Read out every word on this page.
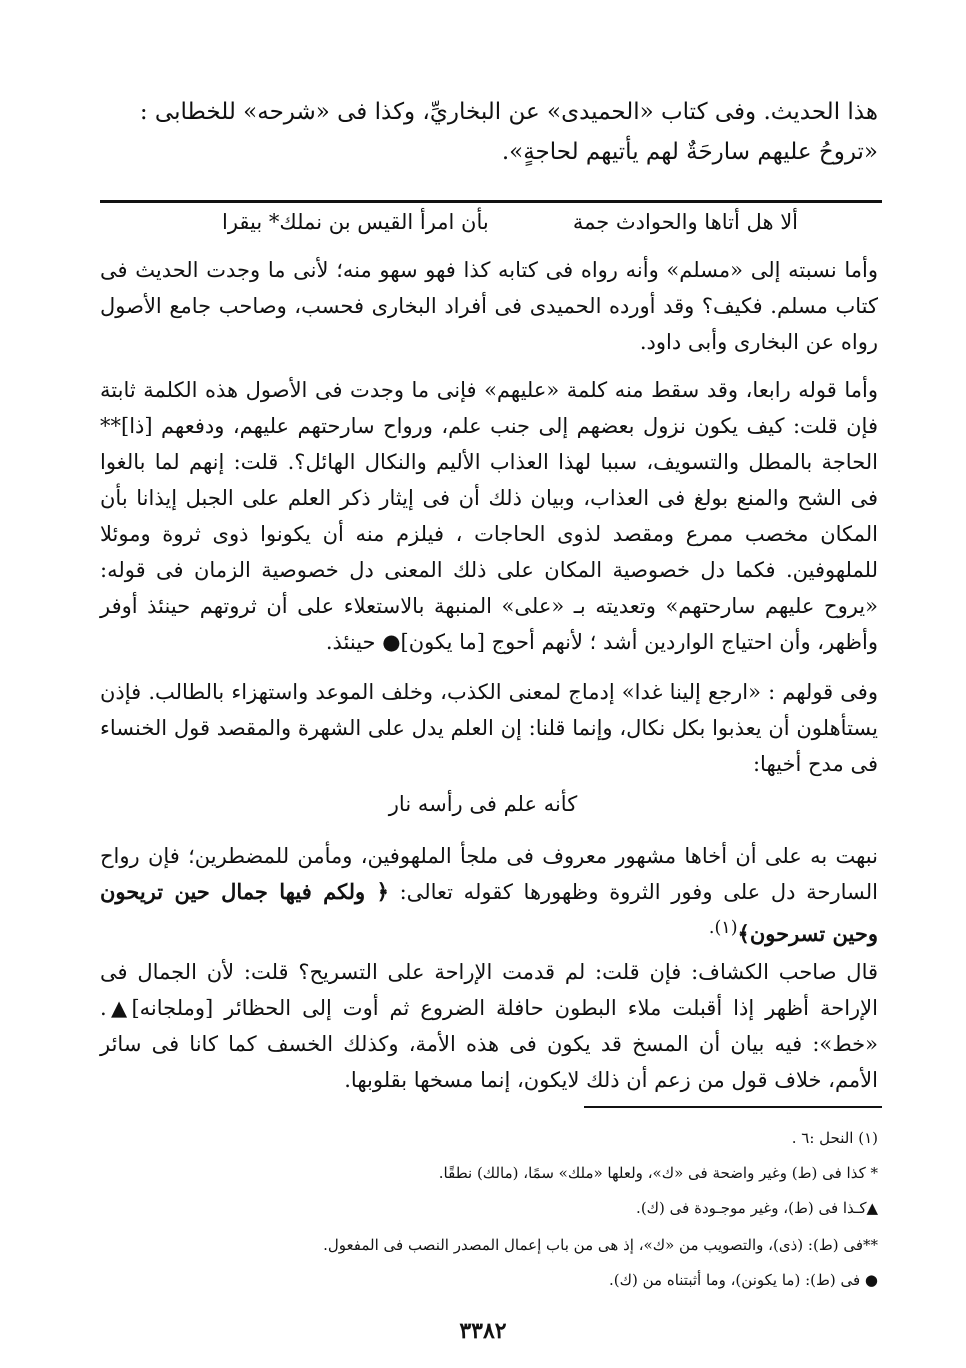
هذا الحديث. وفى كتاب «الحميدى» عن البخاريِّ، وكذا فى «شرحه» للخطابى :

«تروحُ عليهم سارحَةٌ لهم يأتيهم لحاجةٍ».

ألا هل أتاها والحوادث جمة
بأن امرأ القيس بن نملك* بيقرا

وأما نسبته إلى «مسلم» وأنه رواه فى كتابه كذا فهو سهو منه؛ لأنى ما وجدت الحديث فى كتاب مسلم. فكيف؟ وقد أورده الحميدى فى أفراد البخارى فحسب، وصاحب جامع الأصول رواه عن البخارى وأبى داود.

وأما قوله رابعا، وقد سقط منه كلمة «عليهم» فإنى ما وجدت فى الأصول هذه الكلمة ثابتة فإن قلت: كيف يكون نزول بعضهم إلى جنب علم، ورواح سارحتهم عليهم، ودفعهم [ذا]** الحاجة بالمطل والتسويف، سببا لهذا العذاب الأليم والنكال الهائل؟. قلت: إنهم لما بالغوا فى الشح والمنع بولغ فى العذاب، وبيان ذلك أن فى إيثار ذكر العلم على الجبل إيذانا بأن المكان مخصب ممرع ومقصد لذوى الحاجات ، فيلزم منه أن يكونوا ذوى ثروة وموئلا للملهوفين. فكما دل خصوصية المكان على ذلك المعنى دل خصوصية الزمان فى قوله: «يروح عليهم سارحتهم» وتعديته بـ «على» المنبهة بالاستعلاء على أن ثروتهم حينئذ أوفر وأظهر، وأن احتياج الواردين أشد ؛ لأنهم أحوج [ما يكون]● حينئذ.

وفى قولهم : «ارجع إلينا غدا» إدماج لمعنى الكذب، وخلف الموعد واستهزاء بالطالب. فإذن يستأهلون أن يعذبوا بكل نكال، وإنما قلنا: إن العلم يدل على الشهرة والمقصد قول الخنساء فى مدح أخيها:

كأنه علم فى رأسه نار

نبهت به على أن أخاها مشهور معروف فى ملجأ الملهوفين، ومأمن للمضطرين؛ فإن رواح السارحة دل على وفور الثروة وظهورها كقوله تعالى: ﴿ ولكم فيها جمال حين تريحون وحين تسرحون﴾$^{(١).}$

قال صاحب الكشاف: فإن قلت: لم قدمت الإراحة على التسريح؟ قلت: لأن الجمال فى الإراحة أظهر إذا أقبلت ملاء البطون حافلة الضروع ثم أوت إلى الحظائر [وملجانه]▲. «خط»: فيه بيان أن المسخ قد يكون فى هذه الأمة، وكذلك الخسف كما كانا فى سائر الأمم، خلاف قول من زعم أن ذلك لايكون، إنما مسخها بقلوبها.

(١) النحل :٦ .
* كذا فى (ط) وغير واضحة فى «ك»، ولعلها «ملك» سمًا، (مالك) نطقًا.
▲كـذا فى (ط)، وغير موجـودة فى (ك).
**فى (ط): (ذى)، والتصويب من «ك»، إذ هى من باب إعمال المصدر النصب فى المفعول.
● فى (ط): (ما يكونن)، وما أثبتناه من (ك).
٣٣٨٢
